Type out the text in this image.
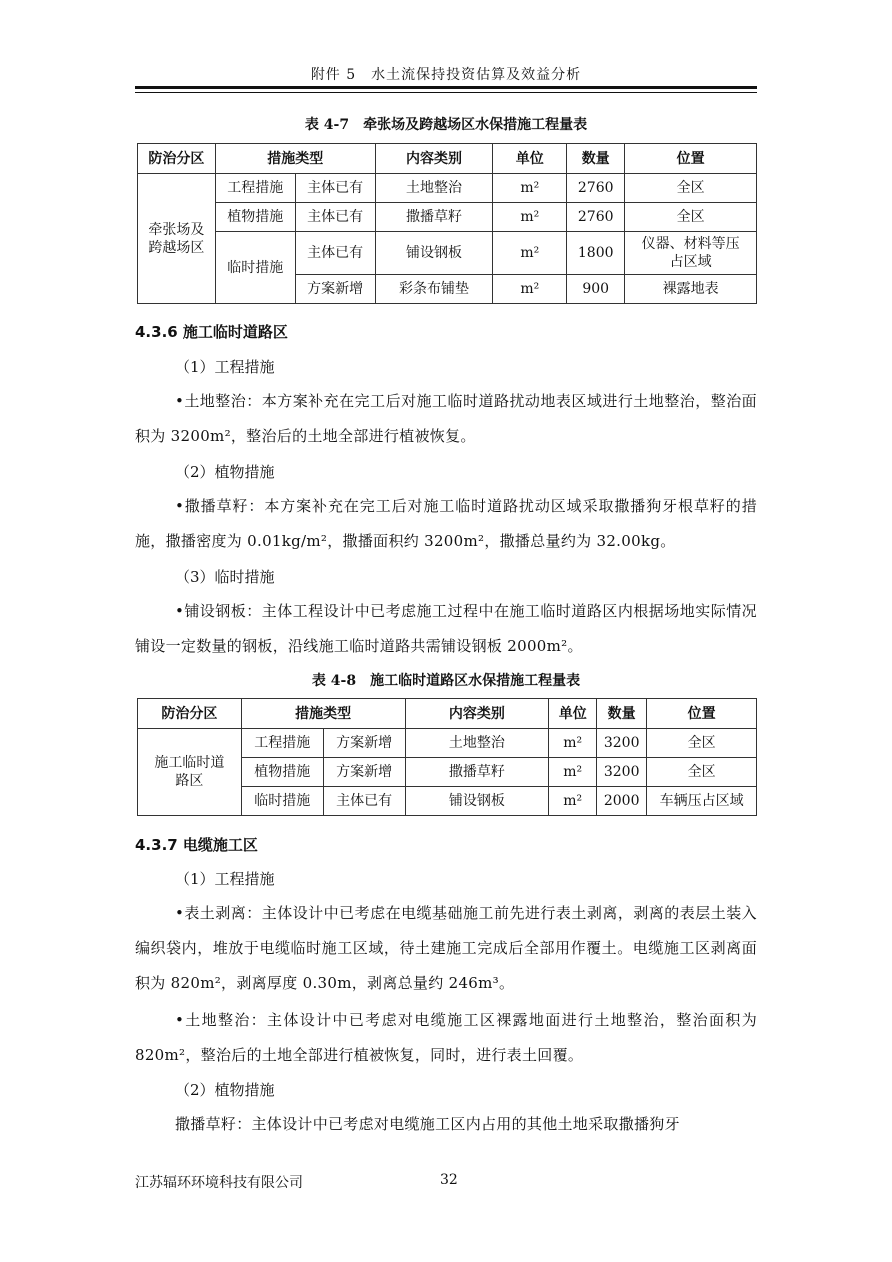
附件 5　水土流保持投资估算及效益分析
表 4-7　牵张场及跨越场区水保措施工程量表
防治分区	措施类型		内容类别	单位	数量	位置
牵张场及
跨越场区	工程措施	主体已有	土地整治	m²	2760	全区
	植物措施	主体已有	撒播草籽	m²	2760	全区
	临时措施	主体已有	铺设钢板	m²	1800	仪器、材料等压
占区域
		方案新增	彩条布铺垫	m²	900	裸露地表
4.3.6 施工临时道路区
（1）工程措施
•土地整治：本方案补充在完工后对施工临时道路扰动地表区域进行土地整治，整治面积为 3200m²，整治后的土地全部进行植被恢复。
（2）植物措施
•撒播草籽：本方案补充在完工后对施工临时道路扰动区域采取撒播狗牙根草籽的措施，撒播密度为 0.01kg/m²，撒播面积约 3200m²，撒播总量约为 32.00kg。
（3）临时措施
•铺设钢板：主体工程设计中已考虑施工过程中在施工临时道路区内根据场地实际情况铺设一定数量的钢板，沿线施工临时道路共需铺设钢板 2000m²。
表 4-8　施工临时道路区水保措施工程量表
防治分区	措施类型		内容类别	单位	数量	位置
施工临时道
路区	工程措施	方案新增	土地整治	m²	3200	全区
	植物措施	方案新增	撒播草籽	m²	3200	全区
	临时措施	主体已有	铺设钢板	m²	2000	车辆压占区域
4.3.7 电缆施工区
（1）工程措施
•表土剥离：主体设计中已考虑在电缆基础施工前先进行表土剥离，剥离的表层土装入编织袋内，堆放于电缆临时施工区域，待土建施工完成后全部用作覆土。电缆施工区剥离面积为 820m²，剥离厚度 0.30m，剥离总量约 246m³。
•土地整治：主体设计中已考虑对电缆施工区裸露地面进行土地整治，整治面积为 820m²，整治后的土地全部进行植被恢复，同时，进行表土回覆。
（2）植物措施
撒播草籽：主体设计中已考虑对电缆施工区内占用的其他土地采取撒播狗牙
江苏辐环环境科技有限公司	32
